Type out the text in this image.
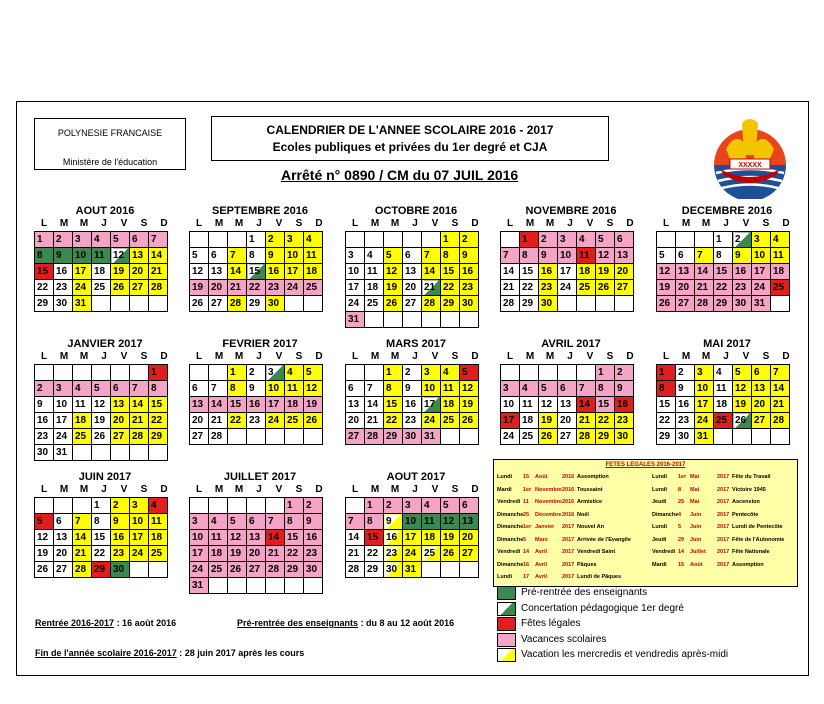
POLYNESIE FRANCAISE
Ministère de l'éducation
CALENDRIER DE L'ANNEE SCOLAIRE 2016 - 2017
Ecoles publiques et privées du 1er degré et CJA
Arrêté n° 0890 / CM du 07 JUIL 2016
XXXXX
AOUT 2016
L	M	M	J	V	S	D
1	2	3	4	5	6	7
8	9	10	11	12	13	14
15	16	17	18	19	20	21
22	23	24	25	26	27	28
29	30	31				
SEPTEMBRE 2016
L	M	M	J	V	S	D
			1	2	3	4
5	6	7	8	9	10	11
12	13	14	15	16	17	18
19	20	21	22	23	24	25
26	27	28	29	30		
OCTOBRE 2016
L	M	M	J	V	S	D
					1	2
3	4	5	6	7	8	9
10	11	12	13	14	15	16
17	18	19	20	21	22	23
24	25	26	27	28	29	30
31						
NOVEMBRE 2016
L	M	M	J	V	S	D
	1	2	3	4	5	6
7	8	9	10	11	12	13
14	15	16	17	18	19	20
21	22	23	24	25	26	27
28	29	30				
DECEMBRE 2016
L	M	M	J	V	S	D
			1	2	3	4
5	6	7	8	9	10	11
12	13	14	15	16	17	18
19	20	21	22	23	24	25
26	27	28	29	30	31	
JANVIER 2017
L	M	M	J	V	S	D
						1
2	3	4	5	6	7	8
9	10	11	12	13	14	15
16	17	18	19	20	21	22
23	24	25	26	27	28	29
30	31					
FEVRIER 2017
L	M	M	J	V	S	D
		1	2	3	4	5
6	7	8	9	10	11	12
13	14	15	16	17	18	19
20	21	22	23	24	25	26
27	28					
MARS 2017
L	M	M	J	V	S	D
		1	2	3	4	5
6	7	8	9	10	11	12
13	14	15	16	17	18	19
20	21	22	23	24	25	26
27	28	29	30	31		
AVRIL 2017
L	M	M	J	V	S	D
					1	2
3	4	5	6	7	8	9
10	11	12	13	14	15	16
17	18	19	20	21	22	23
24	25	26	27	28	29	30
MAI 2017
L	M	M	J	V	S	D
1	2	3	4	5	6	7
8	9	10	11	12	13	14
15	16	17	18	19	20	21
22	23	24	25	26	27	28
29	30	31				
JUIN 2017
L	M	M	J	V	S	D
			1	2	3	4
5	6	7	8	9	10	11
12	13	14	15	16	17	18
19	20	21	22	23	24	25
26	27	28	29	30		
JUILLET 2017
L	M	M	J	V	S	D
					1	2
3	4	5	6	7	8	9
10	11	12	13	14	15	16
17	18	19	20	21	22	23
24	25	26	27	28	29	30
31						
AOUT 2017
L	M	M	J	V	S	D
	1	2	3	4	5	6
7	8	9	10	11	12	13
14	15	16	17	18	19	20
21	22	23	24	25	26	27
28	29	30	31			
FETES LEGALES 2016-2017
Lundi 15 Août	2016 Assomption
Mardi 1er Novembre 2016 Toussaint
Vendredi 11 Novembre 2016 Armistice
Dimanche 25 Décembre 2016 Noël
Dimanche 1er Janvier 2017 Nouvel An
Dimanche 5 Mars	2017 Arrivée de l'Evangile
Vendredi 14 Avril	2017 Vendredi Saint
Dimanche 16 Avril	2017 Pâques
Lundi 17 Avril	2017 Lundi de Pâques
Lundi 1er Mai	2017 Fête du Travail
Lundi 8 Mai	2017 Victoire 1945
Jeudi 25 Mai	2017 Ascension
Dimanche 4 Juin	2017 Pentecôte
Lundi 5 Juin	2017 Lundi de Pentecôte
Jeudi 29 Juin	2017 Fête de l'Autonomie
Vendredi 14 Juillet 2017 Fête Nationale
Mardi 15 Août	2017 Assomption
Pré-rentrée des enseignants
Concertation pédagogique 1er degré
Fêtes légales
Vacances scolaires
Vacation les mercredis et vendredis après-midi
Rentrée 2016-2017 : 16 août 2016	Pré-rentrée des enseignants : du 8 au 12 août 2016
Fin de l'année scolaire 2016-2017 : 28 juin 2017 après les cours
